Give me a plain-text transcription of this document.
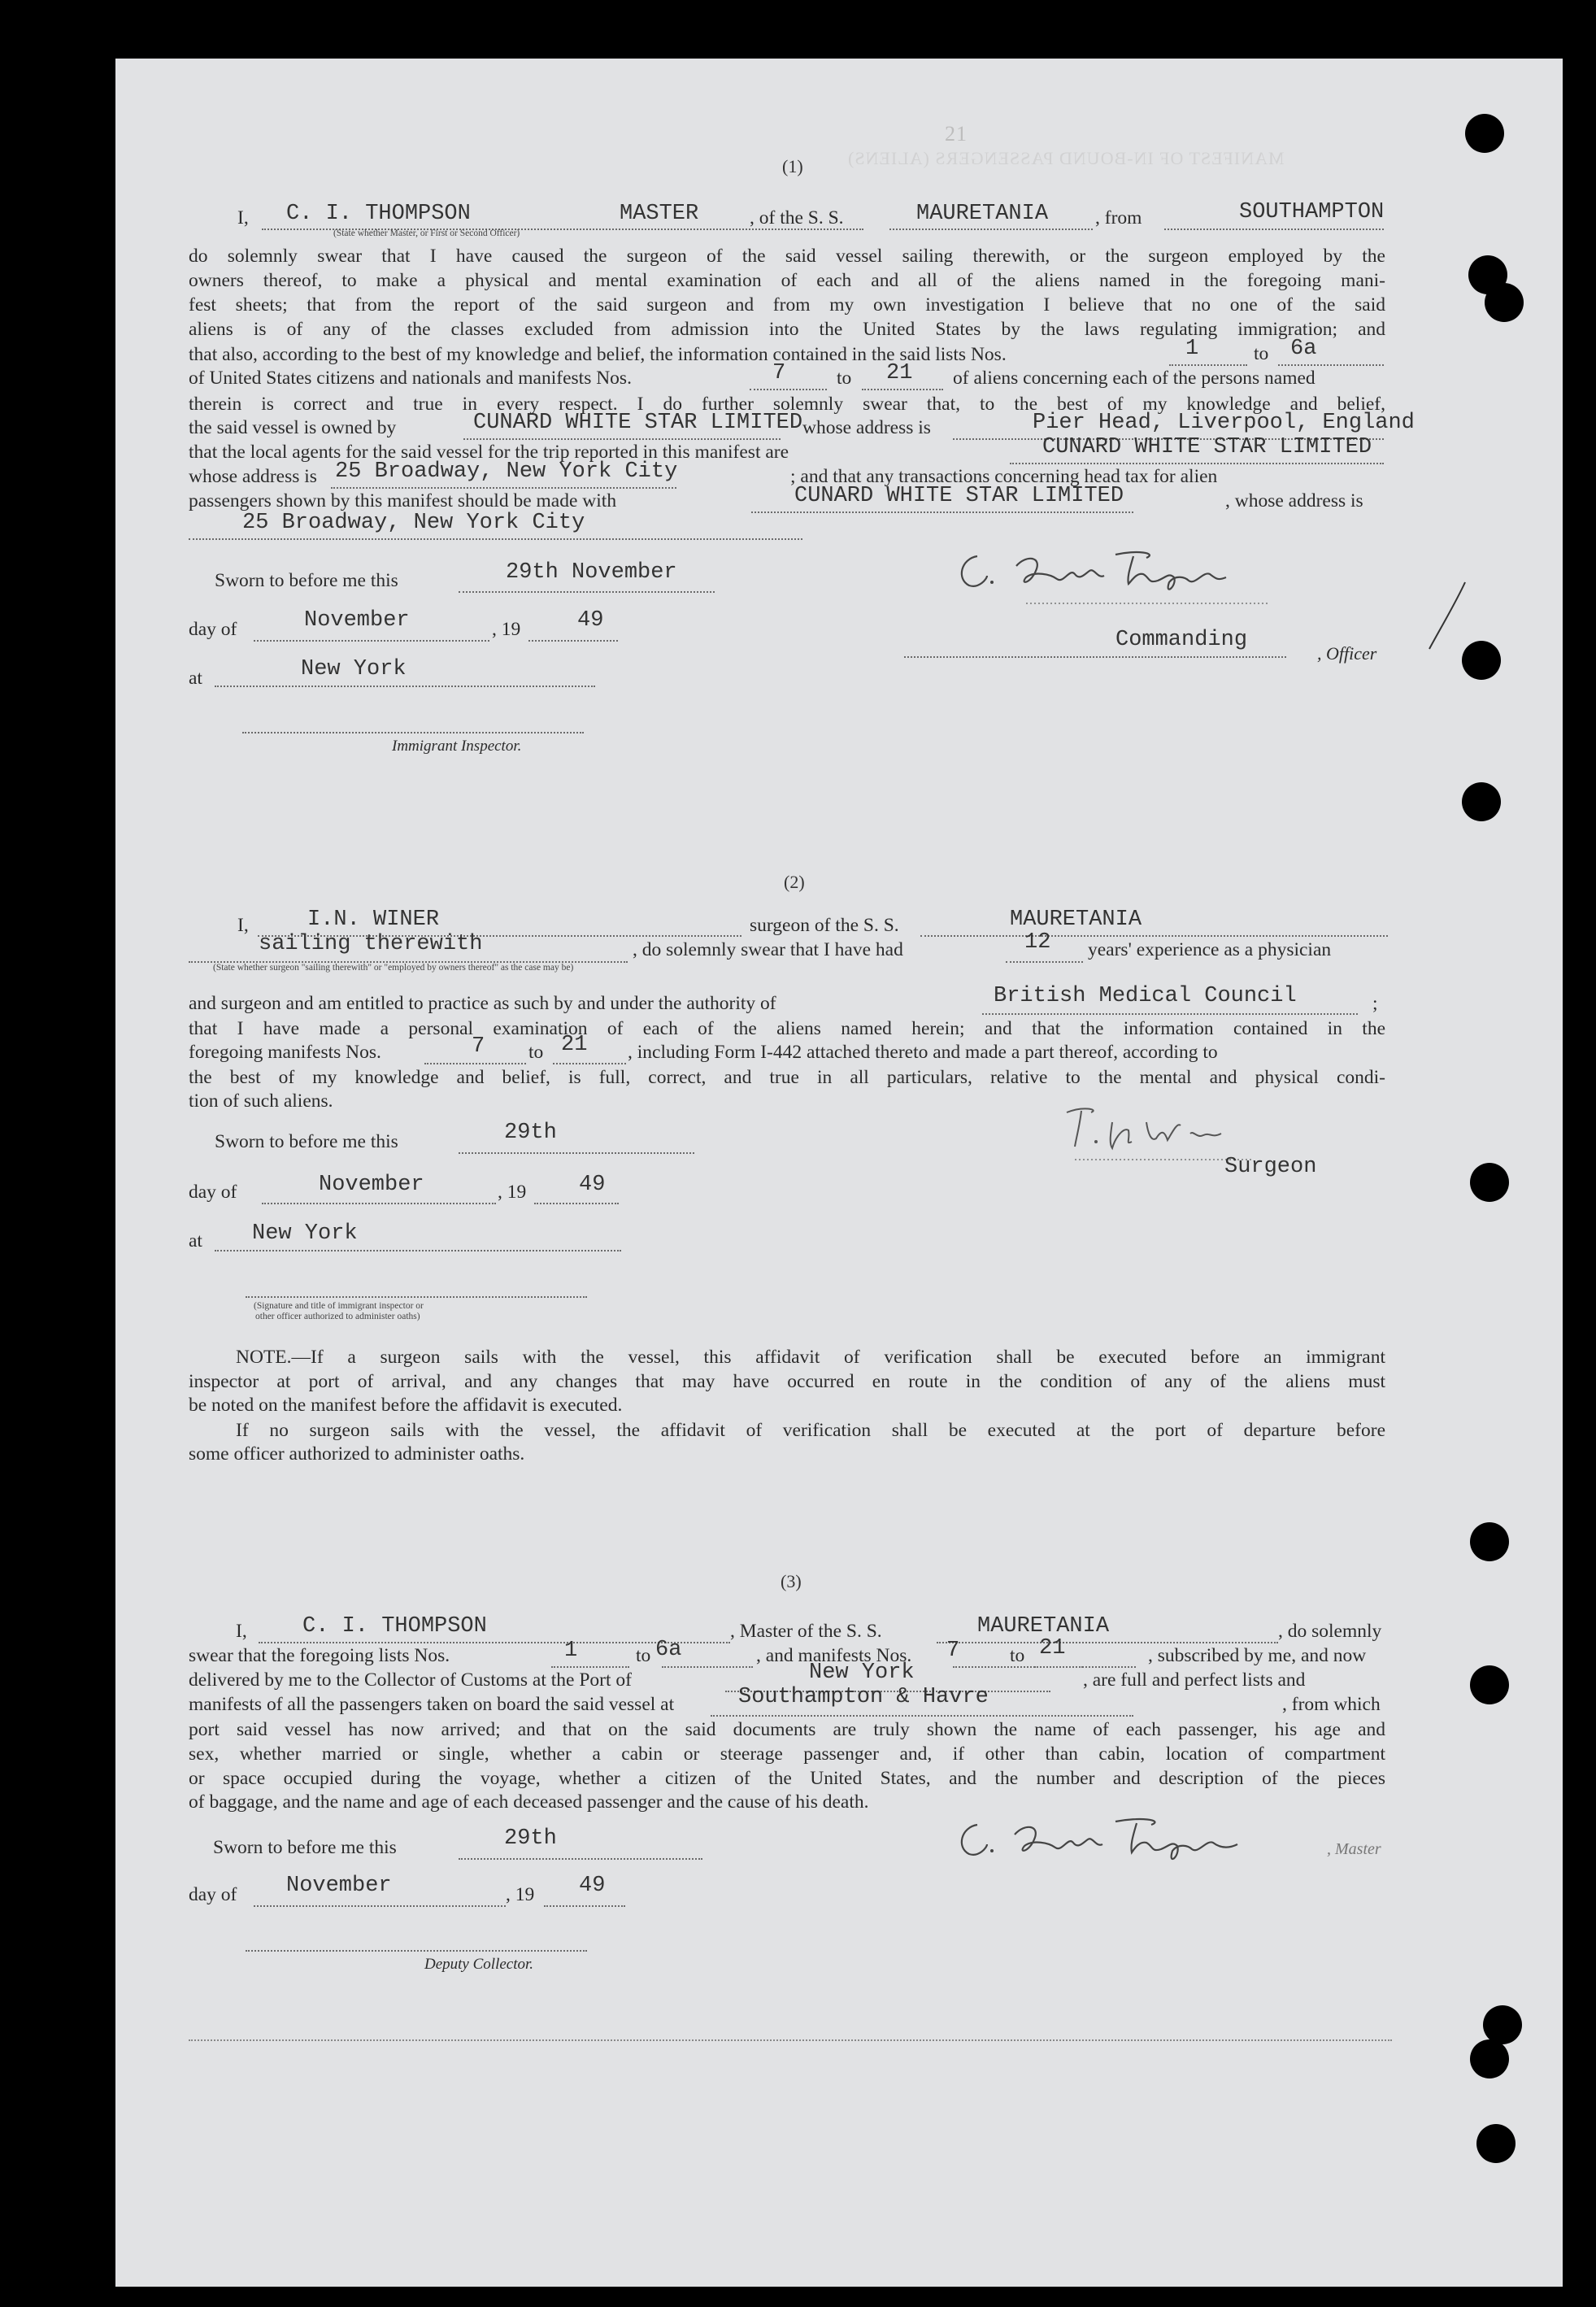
MANIFEST OF IN-BOUND PASSENGERS (ALIENS)
21
(1)
I, C. I. THOMPSON	MASTER	, of the S. S.	MAURETANIA , from	SOUTHAMPTON
(State whether Master, or First or Second Officer)
do solemnly swear that I have caused the surgeon of the said vessel sailing therewith, or the surgeon employed by the
owners thereof, to make a physical and mental examination of each and all of the aliens named in the foregoing mani-
fest sheets; that from the report of the said surgeon and from my own investigation I believe that no one of the said
aliens is of any of the classes excluded from admission into the United States by the laws regulating immigration; and
that also, according to the best of my knowledge and belief, the information contained in the said lists Nos.	1	to 6a
of United States citizens and nationals and manifests Nos.	7	to 21 of aliens concerning each of the persons named
therein is correct and true in every respect. I do further solemnly swear that, to the best of my knowledge and belief,
the said vessel is owned by	CUNARD WHITE STAR LIMITED whose address is	Pier Head, Liverpool, England
that the local agents for the said vessel for the trip reported in this manifest are	CUNARD WHITE STAR LIMITED
whose address is 25 Broadway, New York City	; and that any transactions concerning head tax for alien
passengers shown by this manifest should be made with	CUNARD WHITE STAR LIMITED	, whose address is
25 Broadway, New York City
Sworn to before me this	29th November
day of	November	, 19	49
at	New York
Immigrant Inspector.
Commanding
, Officer
(2)
I,	I.N. WINER	surgeon of the S. S.	MAURETANIA
sailing therewith	, do solemnly swear that I have had	12 years' experience as a physician
(State whether surgeon "sailing therewith" or "employed by owners thereof" as the case may be)
and surgeon and am entitled to practice as such by and under the authority of	British Medical Council	;
that I have made a personal examination of each of the aliens named herein; and that the information contained in the
foregoing manifests Nos.	7 to 21 , including Form I-442 attached thereto and made a part thereof, according to
the best of my knowledge and belief, is full, correct, and true in all particulars, relative to the mental and physical condi-
tion of such aliens.
Sworn to before me this	29th
day of	November	, 19 49
at New York
(Signature and title of immigrant inspector or
other officer authorized to administer oaths)
Surgeon
NOTE.—If a surgeon sails with the vessel, this affidavit of verification shall be executed before an immigrant
inspector at port of arrival, and any changes that may have occurred en route in the condition of any of the aliens must
be noted on the manifest before the affidavit is executed.
If no surgeon sails with the vessel, the affidavit of verification shall be executed at the port of departure before
some officer authorized to administer oaths.
(3)
I,	C. I. THOMPSON	, Master of the S. S.	MAURETANIA	, do solemnly
swear that the foregoing lists Nos.	1	to 6a	, and manifests Nos. 7	to 21	, subscribed by me, and now
delivered by me to the Collector of Customs at the Port of	New York	, are full and perfect lists and
manifests of all the passengers taken on board the said vessel at	Southampton & Havre	, from which
port said vessel has now arrived; and that on the said documents are truly shown the name of each passenger, his age and
sex, whether married or single, whether a cabin or steerage passenger and, if other than cabin, location of compartment
or space occupied during the voyage, whether a citizen of the United States, and the number and description of the pieces
of baggage, and the name and age of each deceased passenger and the cause of his death.
Sworn to before me this	29th
day of November	, 19 49
Deputy Collector.
, Master
